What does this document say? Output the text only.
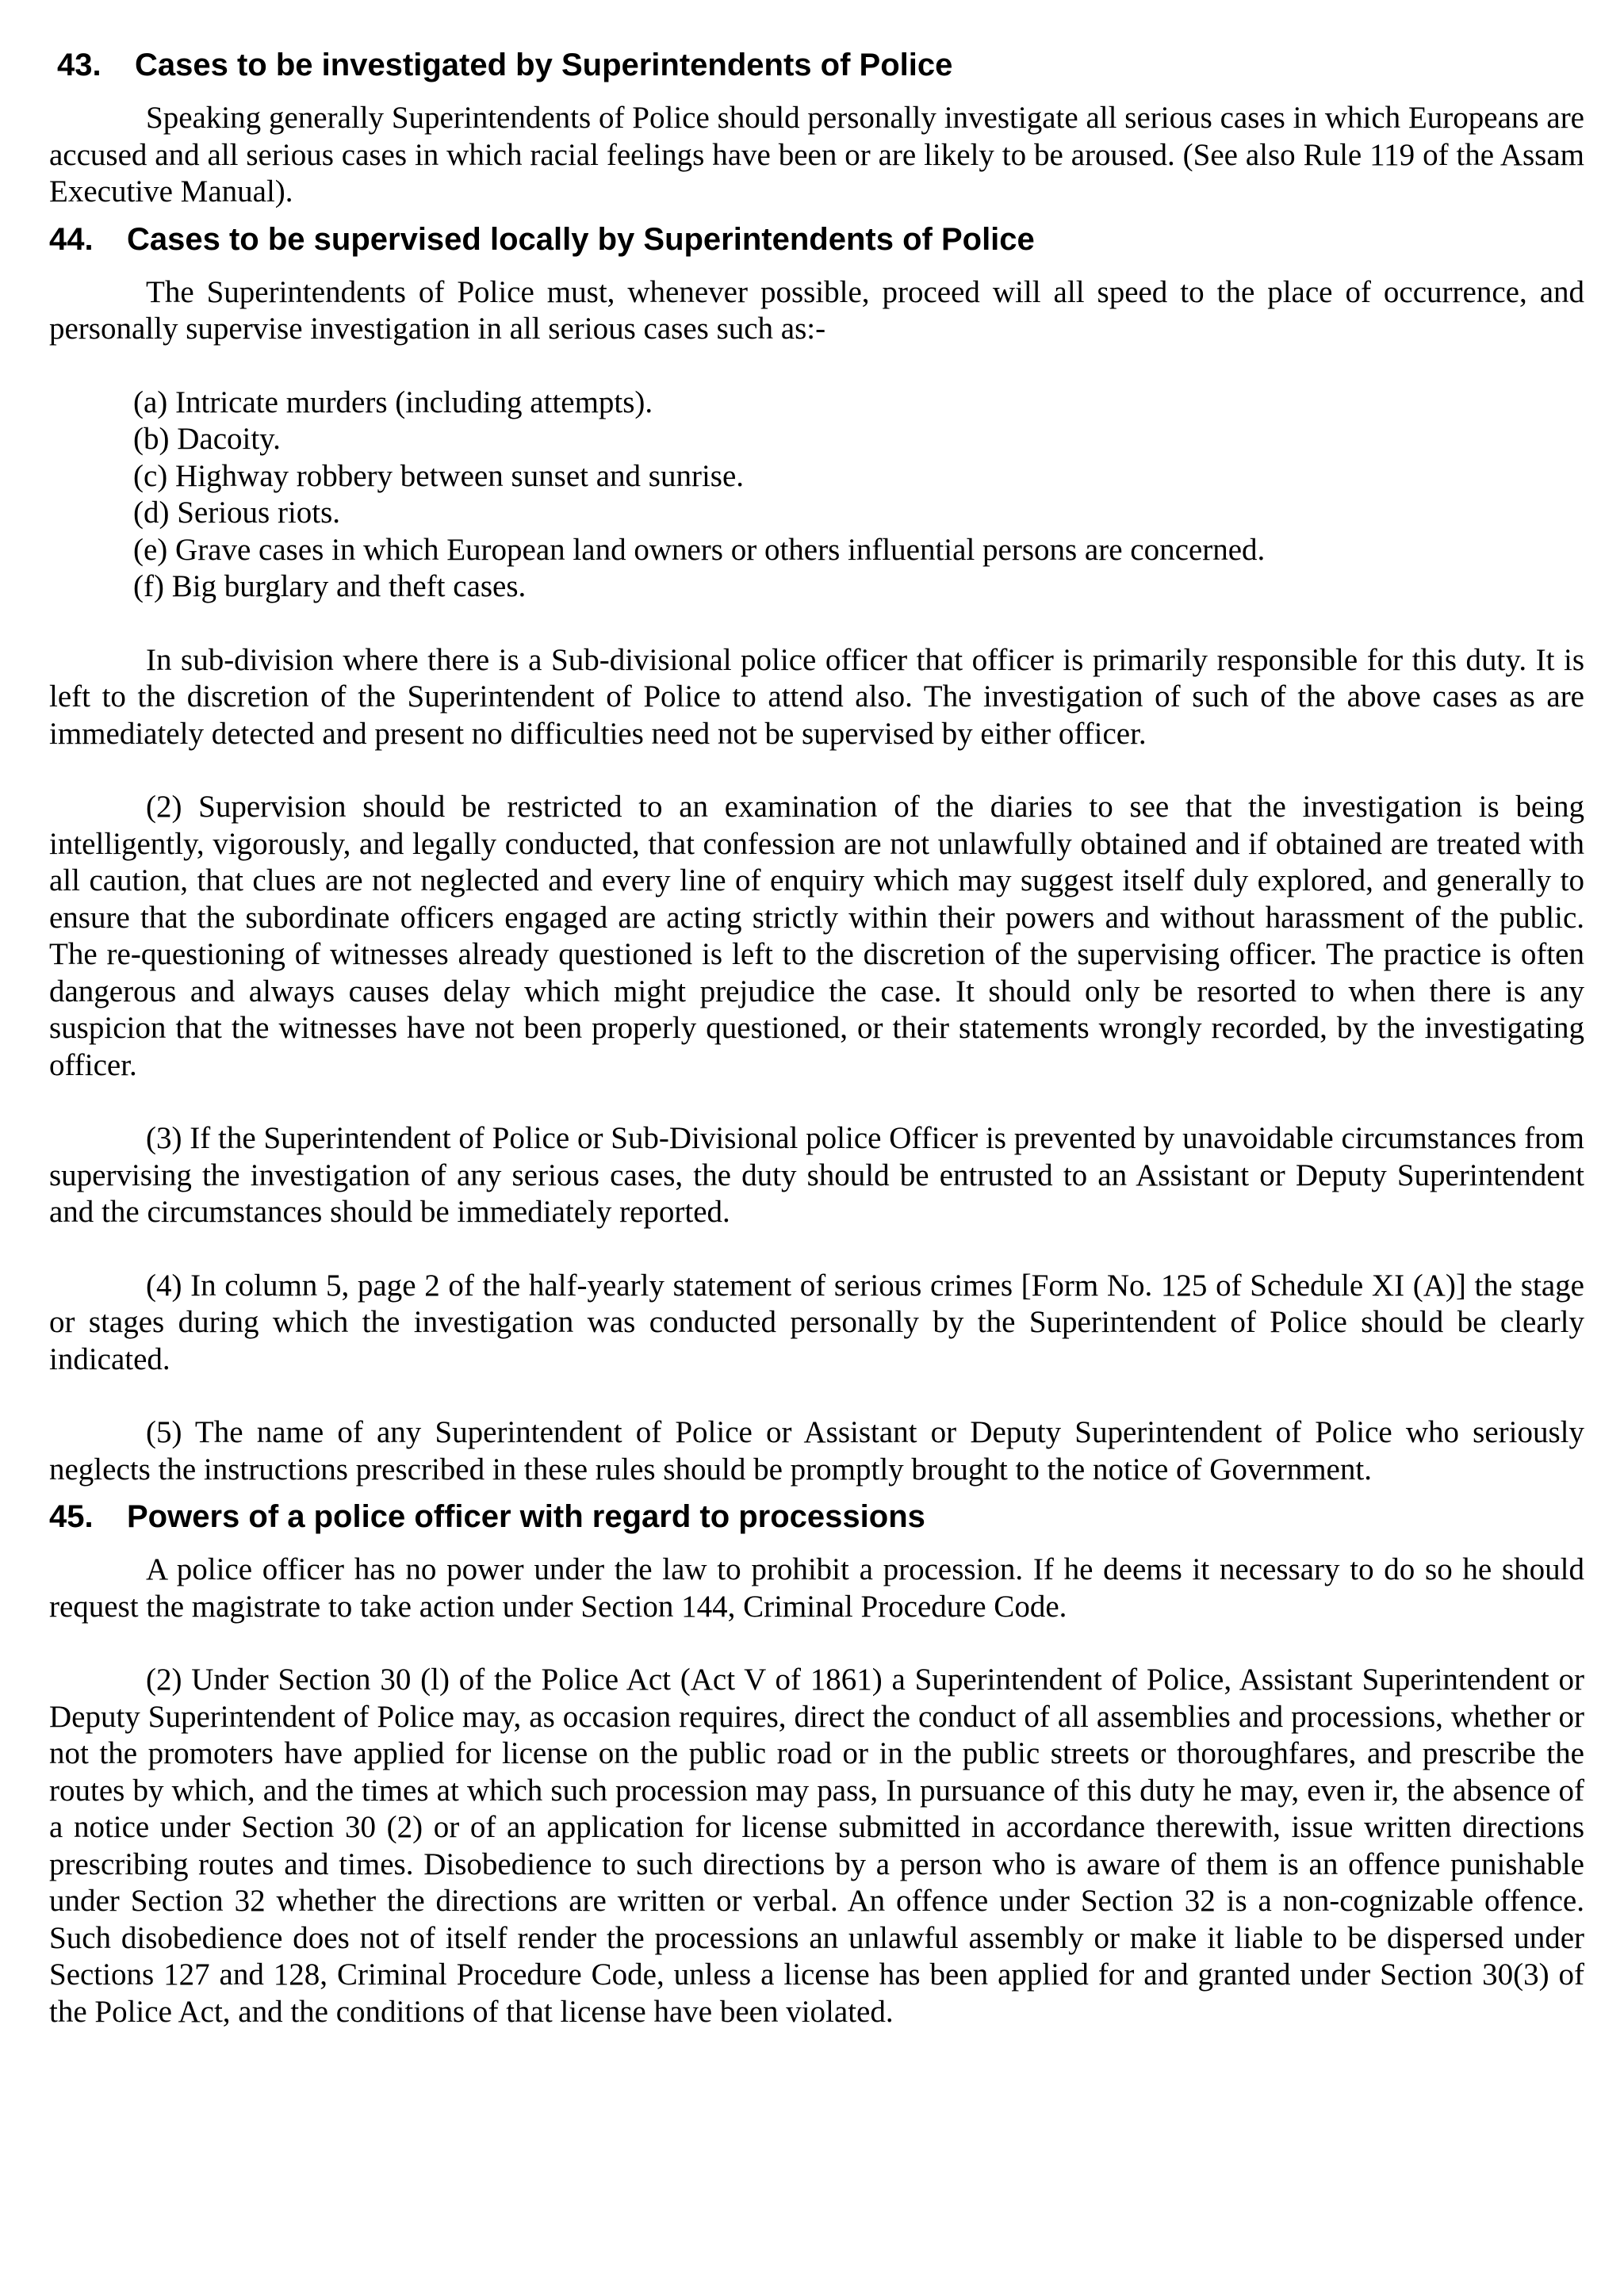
43. Cases to be investigated by Superintendents of Police

Speaking generally Superintendents of Police should personally investigate all serious cases in which Europeans are accused and all serious cases in which racial feelings have been or are likely to be aroused. (See also Rule 119 of the Assam Executive Manual).

44. Cases to be supervised locally by Superintendents of Police

The Superintendents of Police must, whenever possible, proceed will all speed to the place of occurrence, and personally supervise investigation in all serious cases such as:-

(a) Intricate murders (including attempts).
(b) Dacoity.
(c) Highway robbery between sunset and sunrise.
(d) Serious riots.
(e) Grave cases in which European land owners or others influential persons are concerned.
(f) Big burglary and theft cases.

In sub-division where there is a Sub-divisional police officer that officer is primarily responsible for this duty. It is left to the discretion of the Superintendent of Police to attend also. The investigation of such of the above cases as are immediately detected and present no difficulties need not be supervised by either officer.

(2) Supervision should be restricted to an examination of the diaries to see that the investigation is being intelligently, vigorously, and legally conducted, that confession are not unlawfully obtained and if obtained are treated with all caution, that clues are not neglected and every line of enquiry which may suggest itself duly explored, and generally to ensure that the subordinate officers engaged are acting strictly within their powers and without harassment of the public. The re-questioning of witnesses already questioned is left to the discretion of the supervising officer. The practice is often dangerous and always causes delay which might prejudice the case. It should only be resorted to when there is any suspicion that the witnesses have not been properly questioned, or their statements wrongly recorded, by the investigating officer.

(3) If the Superintendent of Police or Sub-Divisional police Officer is prevented by unavoidable circumstances from supervising the investigation of any serious cases, the duty should be entrusted to an Assistant or Deputy Superintendent and the circumstances should be immediately reported.

(4) In column 5, page 2 of the half-yearly statement of serious crimes [Form No. 125 of Schedule XI (A)] the stage or stages during which the investigation was conducted personally by the Superintendent of Police should be clearly indicated.

(5) The name of any Superintendent of Police or Assistant or Deputy Superintendent of Police who seriously neglects the instructions prescribed in these rules should be promptly brought to the notice of Government.

45. Powers of a police officer with regard to processions

A police officer has no power under the law to prohibit a procession. If he deems it necessary to do so he should request the magistrate to take action under Section 144, Criminal Procedure Code.

(2) Under Section 30 (l) of the Police Act (Act V of 1861) a Superintendent of Police, Assistant Superintendent or Deputy Superintendent of Police may, as occasion requires, direct the conduct of all assemblies and processions, whether or not the promoters have applied for license on the public road or in the public streets or thoroughfares, and prescribe the routes by which, and the times at which such procession may pass, In pursuance of this duty he may, even ir, the absence of a notice under Section 30 (2) or of an application for license submitted in accordance therewith, issue written directions prescribing routes and times. Disobedience to such directions by a person who is aware of them is an offence punishable under Section 32 whether the directions are written or verbal. An offence under Section 32 is a non-cognizable offence. Such disobedience does not of itself render the processions an unlawful assembly or make it liable to be dispersed under Sections 127 and 128, Criminal Procedure Code, unless a license has been applied for and granted under Section 30(3) of the Police Act, and the conditions of that license have been violated.
